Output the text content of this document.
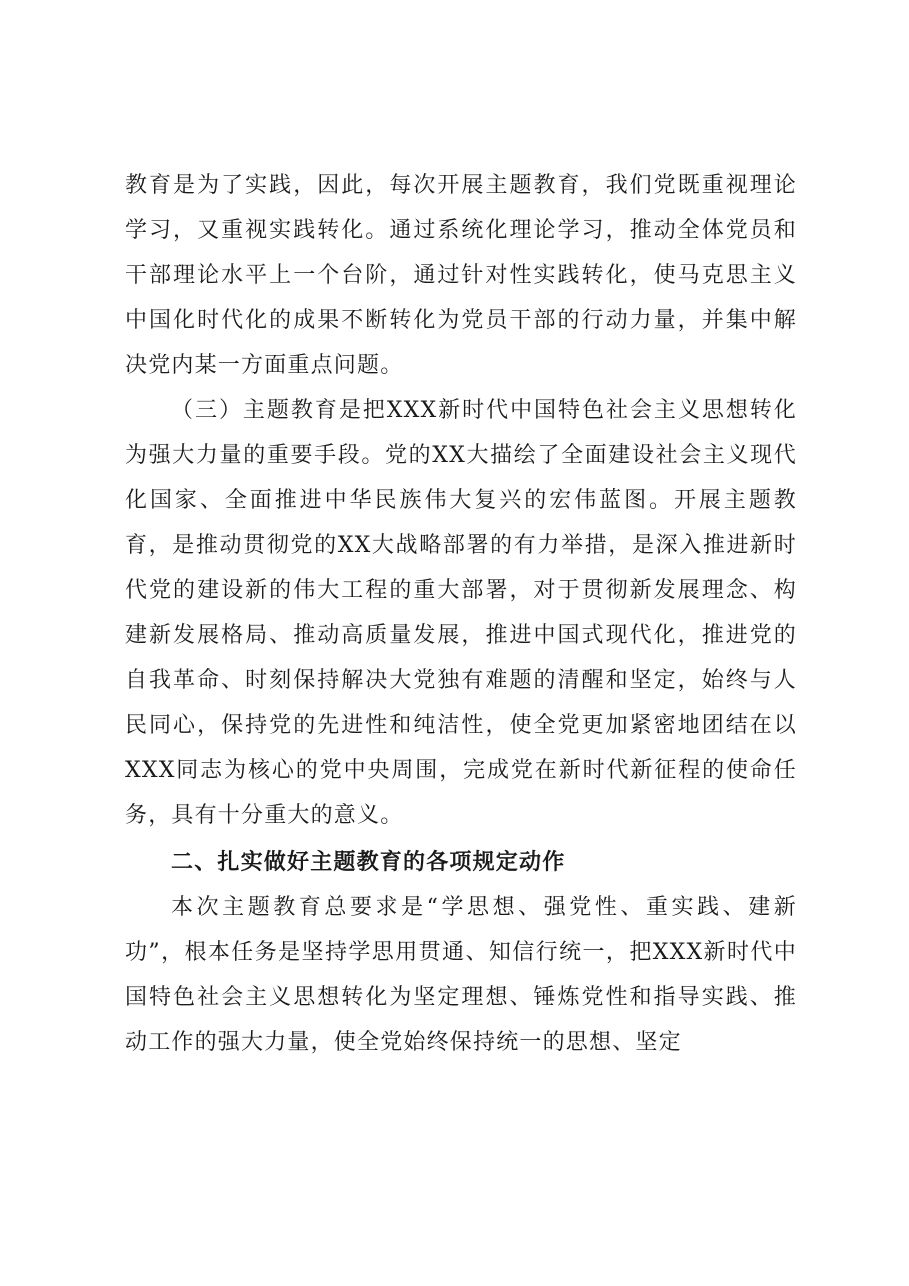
教育是为了实践，因此，每次开展主题教育，我们党既重视理论学习，又重视实践转化。通过系统化理论学习，推动全体党员和干部理论水平上一个台阶，通过针对性实践转化，使马克思主义中国化时代化的成果不断转化为党员干部的行动力量，并集中解决党内某一方面重点问题。

（三）主题教育是把XXX新时代中国特色社会主义思想转化为强大力量的重要手段。党的XX大描绘了全面建设社会主义现代化国家、全面推进中华民族伟大复兴的宏伟蓝图。开展主题教育，是推动贯彻党的XX大战略部署的有力举措，是深入推进新时代党的建设新的伟大工程的重大部署，对于贯彻新发展理念、构建新发展格局、推动高质量发展，推进中国式现代化，推进党的自我革命、时刻保持解决大党独有难题的清醒和坚定，始终与人民同心，保持党的先进性和纯洁性，使全党更加紧密地团结在以XXX同志为核心的党中央周围，完成党在新时代新征程的使命任务，具有十分重大的意义。

二、扎实做好主题教育的各项规定动作

本次主题教育总要求是“学思想、强党性、重实践、建新功”，根本任务是坚持学思用贯通、知信行统一，把XXX新时代中国特色社会主义思想转化为坚定理想、锤炼党性和指导实践、推动工作的强大力量，使全党始终保持统一的思想、坚定
